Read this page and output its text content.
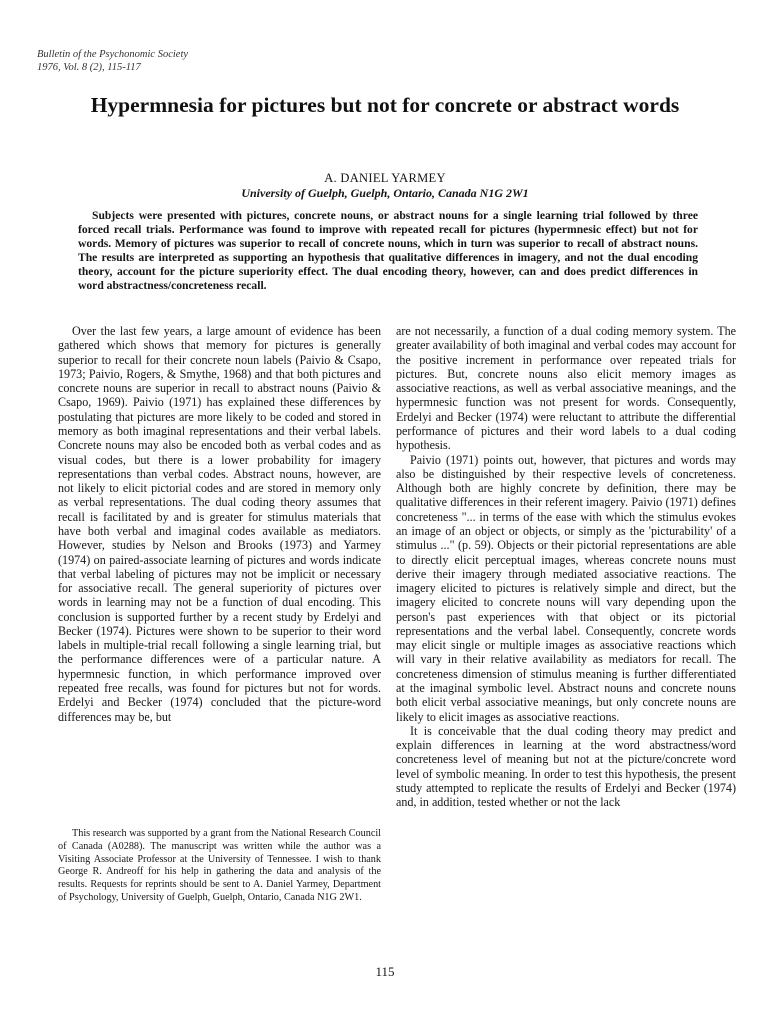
Bulletin of the Psychonomic Society
1976, Vol. 8 (2), 115-117
Hypermnesia for pictures but not for concrete or abstract words
A. DANIEL YARMEY
University of Guelph, Guelph, Ontario, Canada N1G 2W1
Subjects were presented with pictures, concrete nouns, or abstract nouns for a single learning trial followed by three forced recall trials. Performance was found to improve with repeated recall for pictures (hypermnesic effect) but not for words. Memory of pictures was superior to recall of concrete nouns, which in turn was superior to recall of abstract nouns. The results are interpreted as supporting an hypothesis that qualitative differences in imagery, and not the dual encoding theory, account for the picture superiority effect. The dual encoding theory, however, can and does predict differences in word abstractness/concreteness recall.

Over the last few years, a large amount of evidence has been gathered which shows that memory for pictures is generally superior to recall for their concrete noun labels (Paivio & Csapo, 1973; Paivio, Rogers, & Smythe, 1968) and that both pictures and concrete nouns are superior in recall to abstract nouns (Paivio & Csapo, 1969). Paivio (1971) has explained these differences by postulating that pictures are more likely to be coded and stored in memory as both imaginal representations and their verbal labels. Concrete nouns may also be encoded both as verbal codes and as visual codes, but there is a lower probability for imagery representations than verbal codes. Abstract nouns, however, are not likely to elicit pictorial codes and are stored in memory only as verbal representations. The dual coding theory assumes that recall is facilitated by and is greater for stimulus materials that have both verbal and imaginal codes available as mediators. However, studies by Nelson and Brooks (1973) and Yarmey (1974) on paired-associate learning of pictures and words indicate that verbal labeling of pictures may not be implicit or necessary for associative recall. The general superiority of pictures over words in learning may not be a function of dual encoding. This conclusion is supported further by a recent study by Erdelyi and Becker (1974). Pictures were shown to be superior to their word labels in multiple-trial recall following a single learning trial, but the performance differences were of a particular nature. A hypermnesic function, in which performance improved over repeated free recalls, was found for pictures but not for words. Erdelyi and Becker (1974) concluded that the picture-word differences may be, but

This research was supported by a grant from the National Research Council of Canada (A0288). The manuscript was written while the author was a Visiting Associate Professor at the University of Tennessee. I wish to thank George R. Andreoff for his help in gathering the data and analysis of the results. Requests for reprints should be sent to A. Daniel Yarmey, Department of Psychology, University of Guelph, Guelph, Ontario, Canada N1G 2W1.

are not necessarily, a function of a dual coding memory system. The greater availability of both imaginal and verbal codes may account for the positive increment in performance over repeated trials for pictures. But, concrete nouns also elicit memory images as associative reactions, as well as verbal associative meanings, and the hypermnesic function was not present for words. Consequently, Erdelyi and Becker (1974) were reluctant to attribute the differential performance of pictures and their word labels to a dual coding hypothesis.

Paivio (1971) points out, however, that pictures and words may also be distinguished by their respective levels of concreteness. Although both are highly concrete by definition, there may be qualitative differences in their referent imagery. Paivio (1971) defines concreteness "... in terms of the ease with which the stimulus evokes an image of an object or objects, or simply as the 'picturability' of a stimulus ..." (p. 59). Objects or their pictorial representations are able to directly elicit perceptual images, whereas concrete nouns must derive their imagery through mediated associative reactions. The imagery elicited to pictures is relatively simple and direct, but the imagery elicited to concrete nouns will vary depending upon the person's past experiences with that object or its pictorial representations and the verbal label. Consequently, concrete words may elicit single or multiple images as associative reactions which will vary in their relative availability as mediators for recall. The concreteness dimension of stimulus meaning is further differentiated at the imaginal symbolic level. Abstract nouns and concrete nouns both elicit verbal associative meanings, but only concrete nouns are likely to elicit images as associative reactions.

It is conceivable that the dual coding theory may predict and explain differences in learning at the word abstractness/word concreteness level of meaning but not at the picture/concrete word level of symbolic meaning. In order to test this hypothesis, the present study attempted to replicate the results of Erdelyi and Becker (1974) and, in addition, tested whether or not the lack

115
